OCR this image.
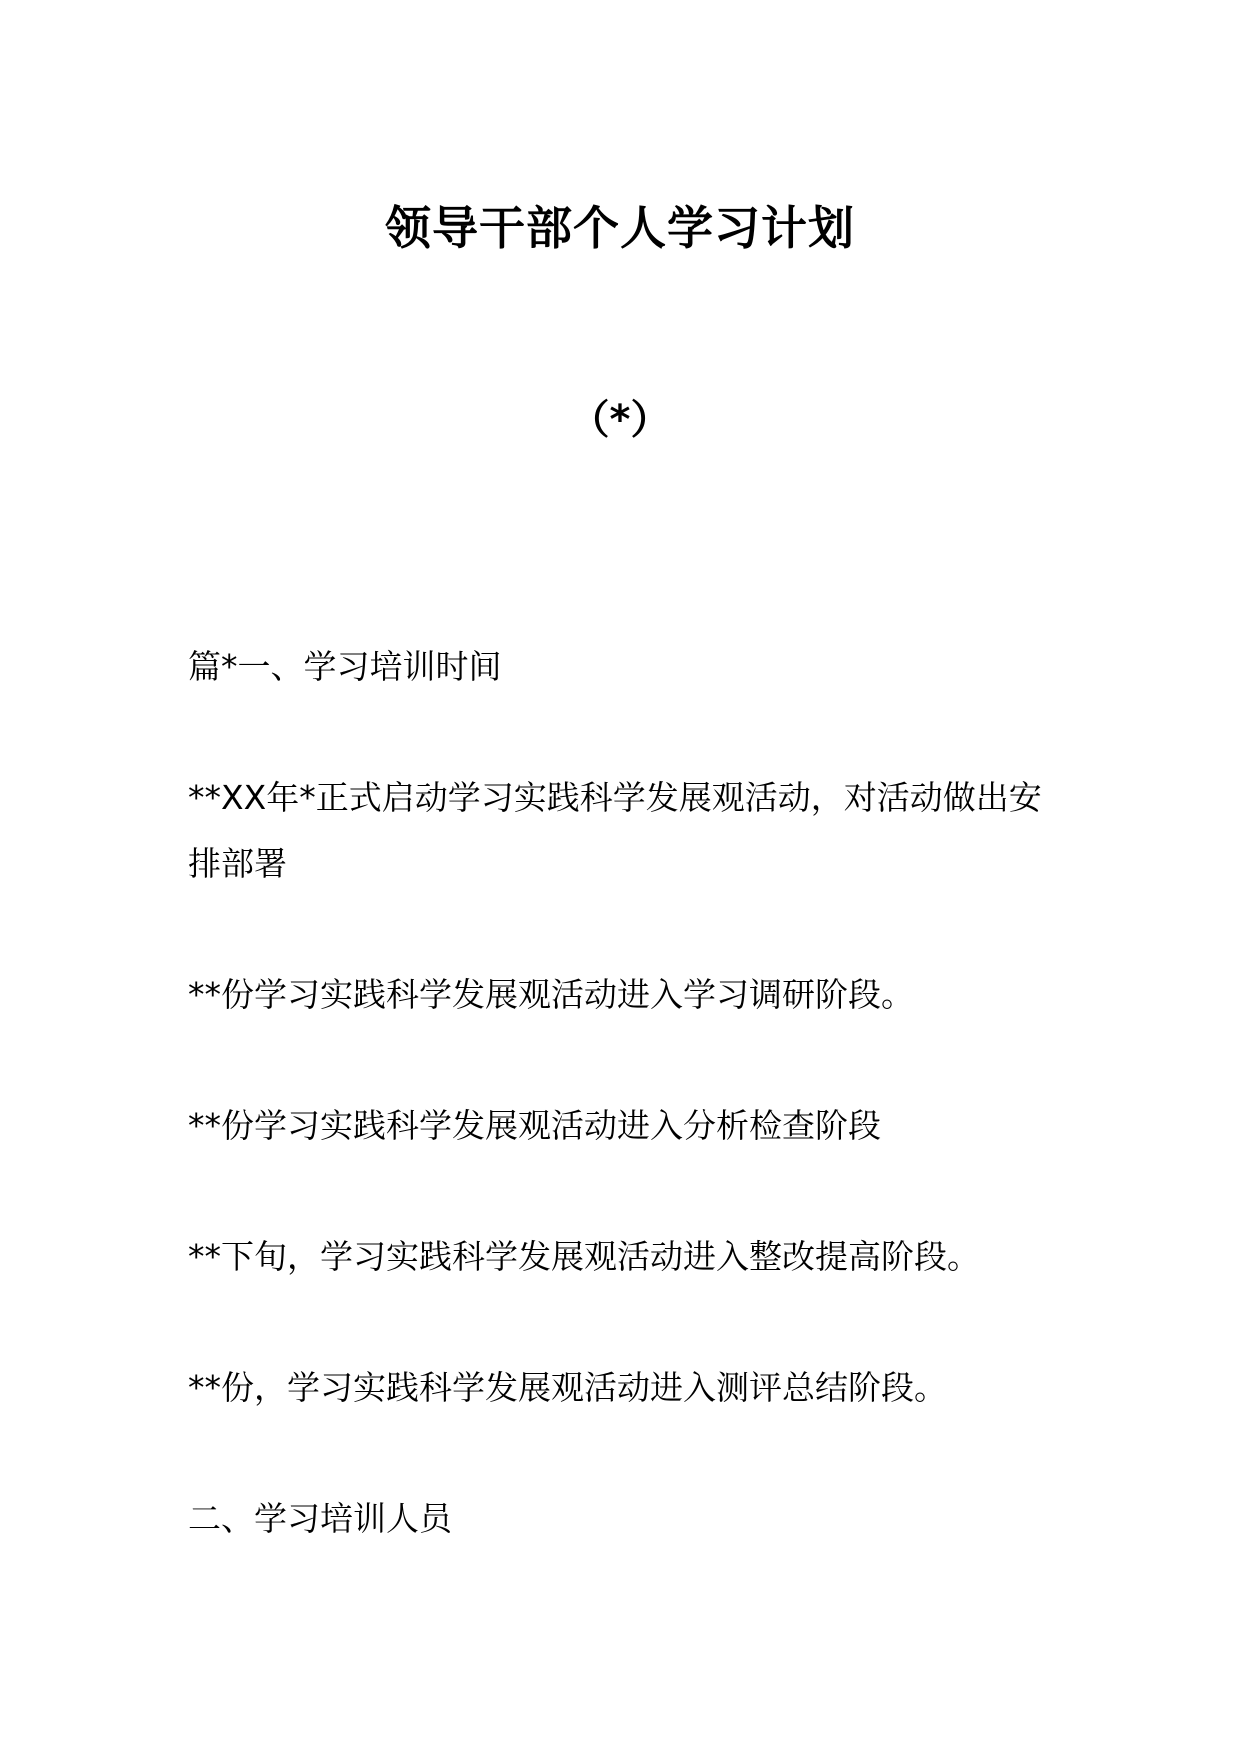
领导干部个人学习计划
（*）

篇*一、学习培训时间

**XX年*正式启动学习实践科学发展观活动，对活动做出安排部署

**份学习实践科学发展观活动进入学习调研阶段。

**份学习实践科学发展观活动进入分析检查阶段

**下旬，学习实践科学发展观活动进入整改提高阶段。

**份，学习实践科学发展观活动进入测评总结阶段。

二、学习培训人员
